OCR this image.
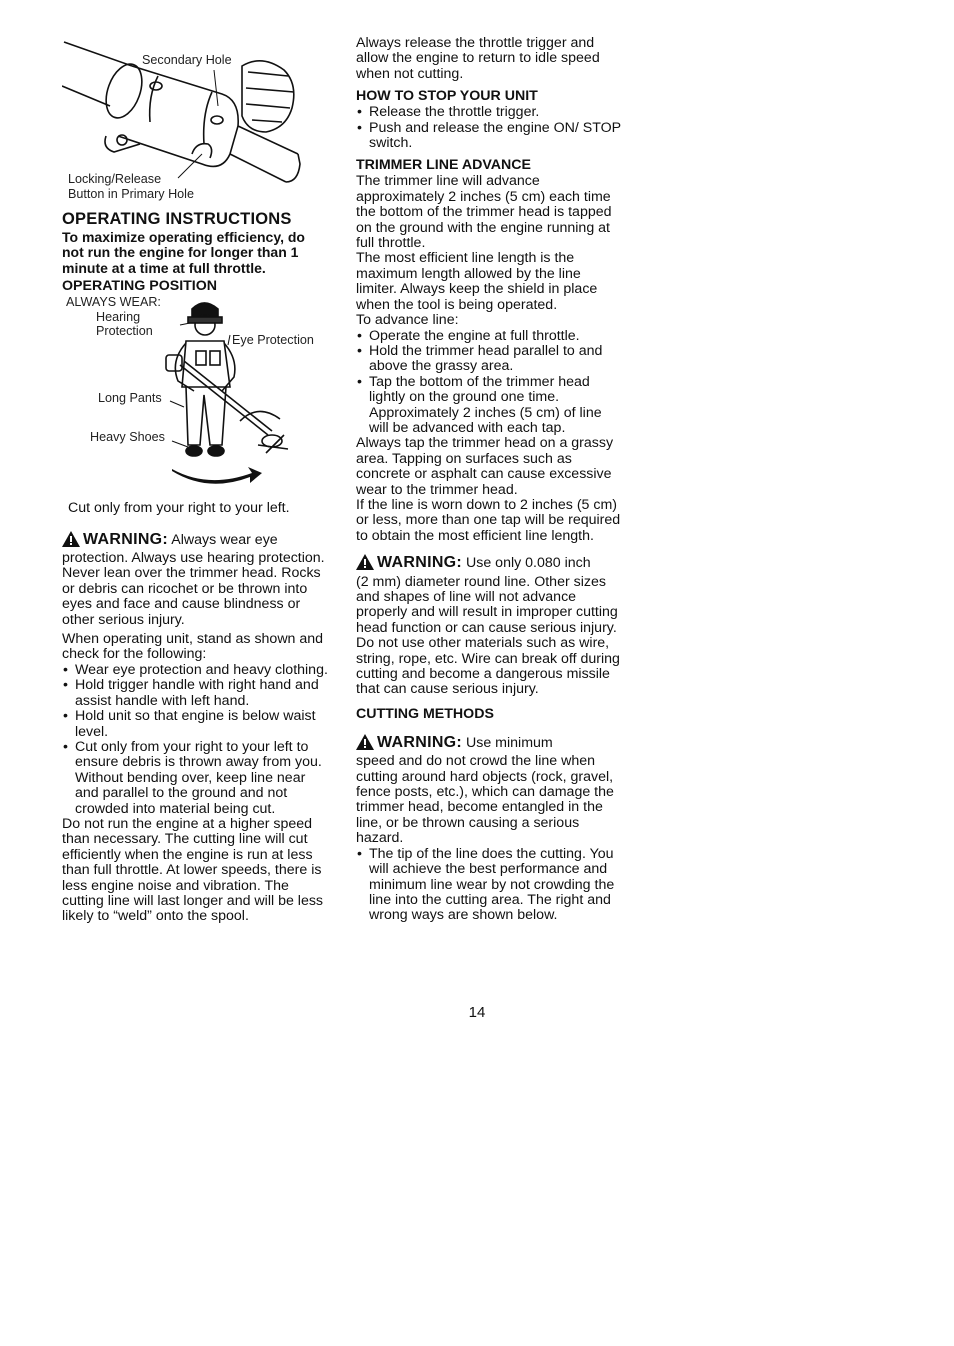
Secondary Hole
Locking/Release
Button in Primary Hole
OPERATING INSTRUCTIONS

To maximize operating efficiency, do not run the engine for longer than 1 minute at a time at full throttle.

OPERATING POSITION
ALWAYS WEAR:
Hearing
Protection
Eye Protection
Long Pants
Heavy Shoes

Cut only from your right to your left.

WARNING: Always wear eye

protection. Always use hearing protection. Never lean over the trimmer head. Rocks or debris can ricochet or be thrown into eyes and face and cause blindness or other serious injury.

When operating unit, stand as shown and check for the following:

• Wear eye protection and heavy clothing.
• Hold trigger handle with right hand and assist handle with left hand.
• Hold unit so that engine is below waist level.
• Cut only from your right to your left to ensure debris is thrown away from you. Without bending over, keep line near and parallel to the ground and not crowded into material being cut.

Do not run the engine at a higher speed than necessary. The cutting line will cut efficiently when the engine is run at less than full throttle. At lower speeds, there is less engine noise and vibration. The cutting line will last longer and will be less likely to “weld” onto the spool.

Always release the throttle trigger and allow the engine to return to idle speed when not cutting.

HOW TO STOP YOUR UNIT
• Release the throttle trigger.
• Push and release the engine ON/ STOP switch.
TRIMMER LINE ADVANCE

The trimmer line will advance approximately 2 inches (5 cm) each time the bottom of the trimmer head is tapped on the ground with the engine running at full throttle.

The most efficient line length is the maximum length allowed by the line limiter. Always keep the shield in place when the tool is being operated.

To advance line:

• Operate the engine at full throttle.
• Hold the trimmer head parallel to and above the grassy area.
• Tap the bottom of the trimmer head lightly on the ground one time. Approximately 2 inches (5 cm) of line will be advanced with each tap.

Always tap the trimmer head on a grassy area. Tapping on surfaces such as concrete or asphalt can cause excessive wear to the trimmer head.

If the line is worn down to 2 inches (5 cm) or less, more than one tap will be required to obtain the most efficient line length.

WARNING: Use only 0.080 inch

(2 mm) diameter round line. Other sizes and shapes of line will not advance properly and will result in improper cutting head function or can cause serious injury. Do not use other materials such as wire, string, rope, etc. Wire can break off during cutting and become a dangerous missile that can cause serious injury.

CUTTING METHODS
WARNING: Use minimum

speed and do not crowd the line when cutting around hard objects (rock, gravel, fence posts, etc.), which can damage the trimmer head, become entangled in the line, or be thrown causing a serious hazard.

• The tip of the line does the cutting. You will achieve the best performance and minimum line wear by not crowding the line into the cutting area. The right and wrong ways are shown below.
14
